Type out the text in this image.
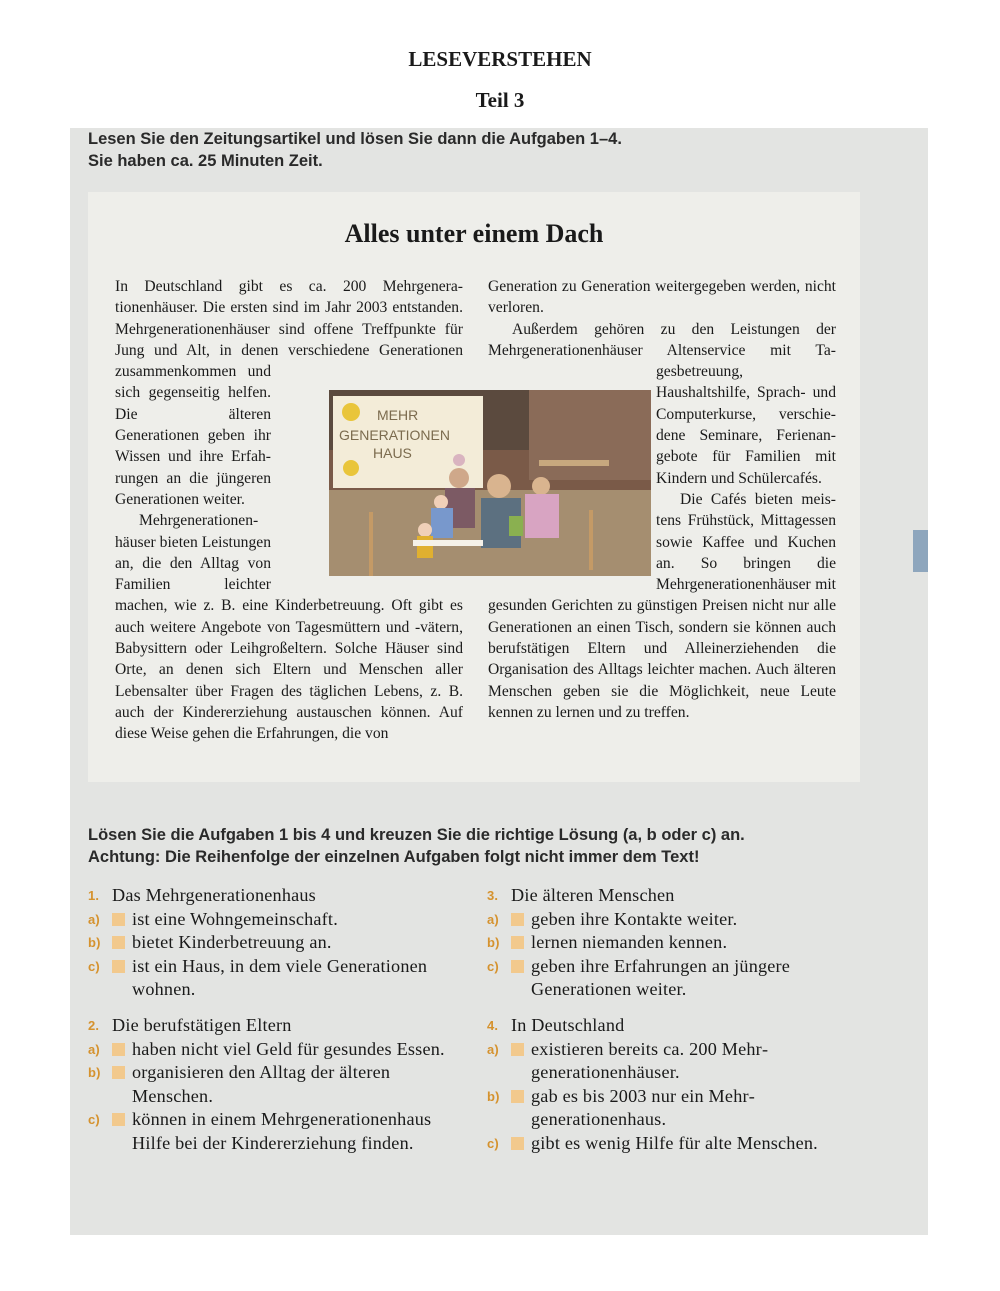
LESEVERSTEHEN
Teil 3
Lesen Sie den Zeitungsartikel und lösen Sie dann die Aufgaben 1–4.
Sie haben ca. 25 Minuten Zeit.
Alles unter einem Dach

In Deutschland gibt es ca. 200 Mehrgenerationenhäuser. Die ersten sind im Jahr 2003 entstanden. Mehrgenerationenhäuser sind offene Treffpunkte für Jung und Alt, in denen verschiedene Generationen zusammenkommen und sich gegenseitig helfen. Die älteren Generationen geben ihr Wissen und ihre Erfahrungen an die jüngeren Generationen weiter.

Mehrgenerationenhäuser bieten Leistungen an, die den Alltag von Familien leichter machen, wie z. B. eine Kinderbetreuung. Oft gibt es auch weitere Angebote von Tagesmüttern und -vätern, Babysittern oder Leihgroßeltern. Solche Häuser sind Orte, an denen sich Eltern und Menschen aller Lebensalter über Fragen des täglichen Lebens, z. B. auch der Kindererziehung austauschen können. Auf diese Weise gehen die Erfahrungen, die von

Generation zu Generation weitergegeben werden, nicht verloren.

Außerdem gehören zu den Leistungen der Mehrgenerationenhäuser Altenservice mit Tagesbetreuung, Haushaltshilfe, Sprach- und Computerkurse, verschiedene Seminare, Ferienangebote für Familien mit Kindern und Schülercafés.

Die Cafés bieten meistens Frühstück, Mittagessen sowie Kaffee und Kuchen an. So bringen die Mehrgenerationenhäuser mit gesunden Gerichten zu günstigen Preisen nicht nur alle Generationen an einen Tisch, sondern sie können auch berufstätigen Eltern und Alleinerziehenden die Organisation des Alltags leichter machen. Auch älteren Menschen geben sie die Möglichkeit, neue Leute kennen zu lernen und zu treffen.

MEHR
GENERATIONEN
HAUS
Lösen Sie die Aufgaben 1 bis 4 und kreuzen Sie die richtige Lösung (a, b oder c) an.
Achtung: Die Reihenfolge der einzelnen Aufgaben folgt nicht immer dem Text!
1. Das Mehrgenerationenhaus
a) ist eine Wohngemeinschaft.
b) bietet Kinderbetreuung an.
c) ist ein Haus, in dem viele Generationen wohnen.
2. Die berufstätigen Eltern
a) haben nicht viel Geld für gesundes Essen.
b) organisieren den Alltag der älteren Menschen.
c) können in einem Mehrgenerationenhaus Hilfe bei der Kindererziehung finden.
3. Die älteren Menschen
a) geben ihre Kontakte weiter.
b) lernen niemanden kennen.
c) geben ihre Erfahrungen an jüngere Generationen weiter.
4. In Deutschland
a) existieren bereits ca. 200 Mehrgenerationenhäuser.
b) gab es bis 2003 nur ein Mehrgenerationenhaus.
c) gibt es wenig Hilfe für alte Menschen.
